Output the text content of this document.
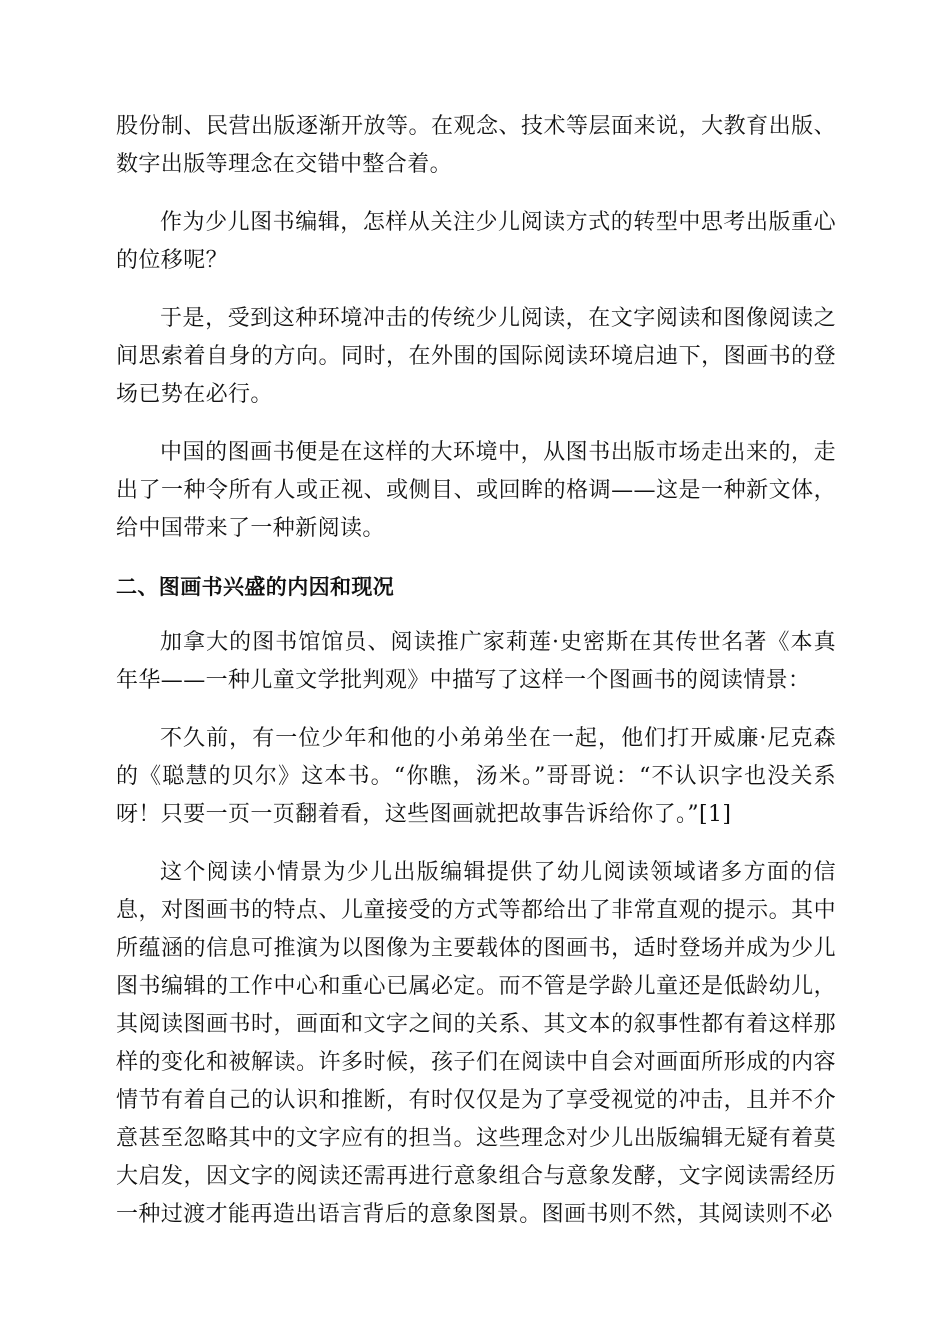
股份制、民营出版逐渐开放等。在观念、技术等层面来说，大教育出版、数字出版等理念在交错中整合着。

作为少儿图书编辑，怎样从关注少儿阅读方式的转型中思考出版重心的位移呢？

于是，受到这种环境冲击的传统少儿阅读，在文字阅读和图像阅读之间思索着自身的方向。同时，在外围的国际阅读环境启迪下，图画书的登场已势在必行。

中国的图画书便是在这样的大环境中，从图书出版市场走出来的，走出了一种令所有人或正视、或侧目、或回眸的格调——这是一种新文体，给中国带来了一种新阅读。

二、图画书兴盛的内因和现况

加拿大的图书馆馆员、阅读推广家莉莲·史密斯在其传世名著《本真年华——一种儿童文学批判观》中描写了这样一个图画书的阅读情景：

不久前，有一位少年和他的小弟弟坐在一起，他们打开威廉·尼克森的《聪慧的贝尔》这本书。“你瞧，汤米。”哥哥说：“不认识字也没关系呀！只要一页一页翻着看，这些图画就把故事告诉给你了。”[1]

这个阅读小情景为少儿出版编辑提供了幼儿阅读领域诸多方面的信息，对图画书的特点、儿童接受的方式等都给出了非常直观的提示。其中所蕴涵的信息可推演为以图像为主要载体的图画书，适时登场并成为少儿图书编辑的工作中心和重心已属必定。而不管是学龄儿童还是低龄幼儿，其阅读图画书时，画面和文字之间的关系、其文本的叙事性都有着这样那样的变化和被解读。许多时候，孩子们在阅读中自会对画面所形成的内容情节有着自己的认识和推断，有时仅仅是为了享受视觉的冲击，且并不介意甚至忽略其中的文字应有的担当。这些理念对少儿出版编辑无疑有着莫大启发，因文字的阅读还需再进行意象组合与意象发酵，文字阅读需经历一种过渡才能再造出语言背后的意象图景。图画书则不然，其阅读则不必
